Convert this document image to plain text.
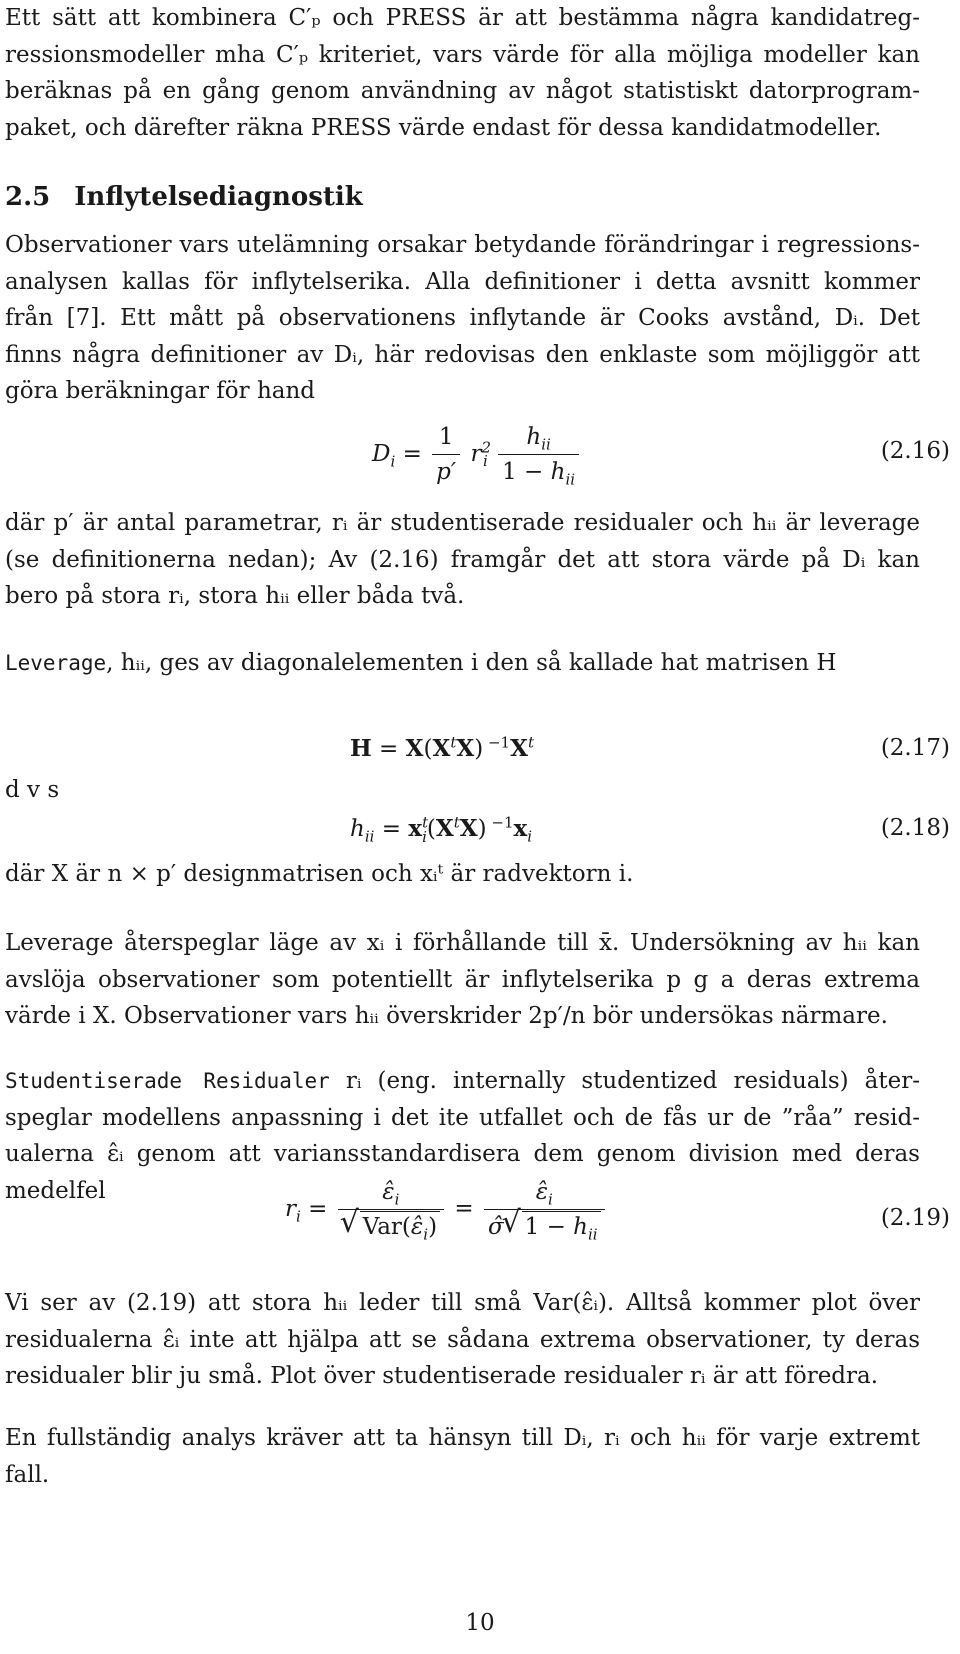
Ett sätt att kombinera C′ₚ och PRESS är att bestämma några kandidatreg-
ressionsmodeller mha C′ₚ kriteriet, vars värde för alla möjliga modeller kan
beräknas på en gång genom användning av något statistiskt datorprogram-
paket, och därefter räkna PRESS värde endast för dessa kandidatmodeller.
2.5 Inflytelsediagnostik
Observationer vars utelämning orsakar betydande förändringar i regressions-
analysen kallas för inflytelserika. Alla definitioner i detta avsnitt kommer
från [7]. Ett mått på observationens inflytande är Cooks avstånd, Dᵢ. Det
finns några definitioner av Dᵢ, här redovisas den enklaste som möjliggör att
göra beräkningar för hand
$D_i = \frac{1}{p'} r^2_i \frac{h_{ii}}{1 - h_{ii}}$	(2.16)
där p′ är antal parametrar, rᵢ är studentiserade residualer och hᵢᵢ är leverage
(se definitionerna nedan); Av (2.16) framgår det att stora värde på Dᵢ kan
bero på stora rᵢ, stora hᵢᵢ eller båda två.
Leverage, hᵢᵢ, ges av diagonalelementen i den så kallade hat matrisen H
$H = X(X^tX)$ $^{-1}X^t$	(2.17)
d v s
$h_{ii} = x^t_i(X^tX)$ $^{-1}x_i$	(2.18)
där X är n × p′ designmatrisen och xᵢᵗ är radvektorn i.
Leverage återspeglar läge av xᵢ i förhållande till x̄. Undersökning av hᵢᵢ kan
avslöja observationer som potentiellt är inflytelserika p g a deras extrema
värde i X. Observationer vars hᵢᵢ överskrider 2p′/n bör undersökas närmare.
Studentiserade Residualer rᵢ (eng. internally studentized residuals) åter-
speglar modellens anpassning i det ite utfallet och de fås ur de ”råa” resid-
ualerna ε̂ᵢ genom att variansstandardisera dem genom division med deras
medelfel
$r_i$ = $\varepsilon̂_i$
√ $Var(\varepsilon̂_i) = \frac{\varepsilon̂_i}{\sigmâ√ 1 - h_{ii}}$	(2.19)
Vi ser av (2.19) att stora hᵢᵢ leder till små Var(ε̂ᵢ). Alltså kommer plot över
residualerna ε̂ᵢ inte att hjälpa att se sådana extrema observationer, ty deras
residualer blir ju små. Plot över studentiserade residualer rᵢ är att föredra.
En fullständig analys kräver att ta hänsyn till Dᵢ, rᵢ och hᵢᵢ för varje extremt
fall.
10
